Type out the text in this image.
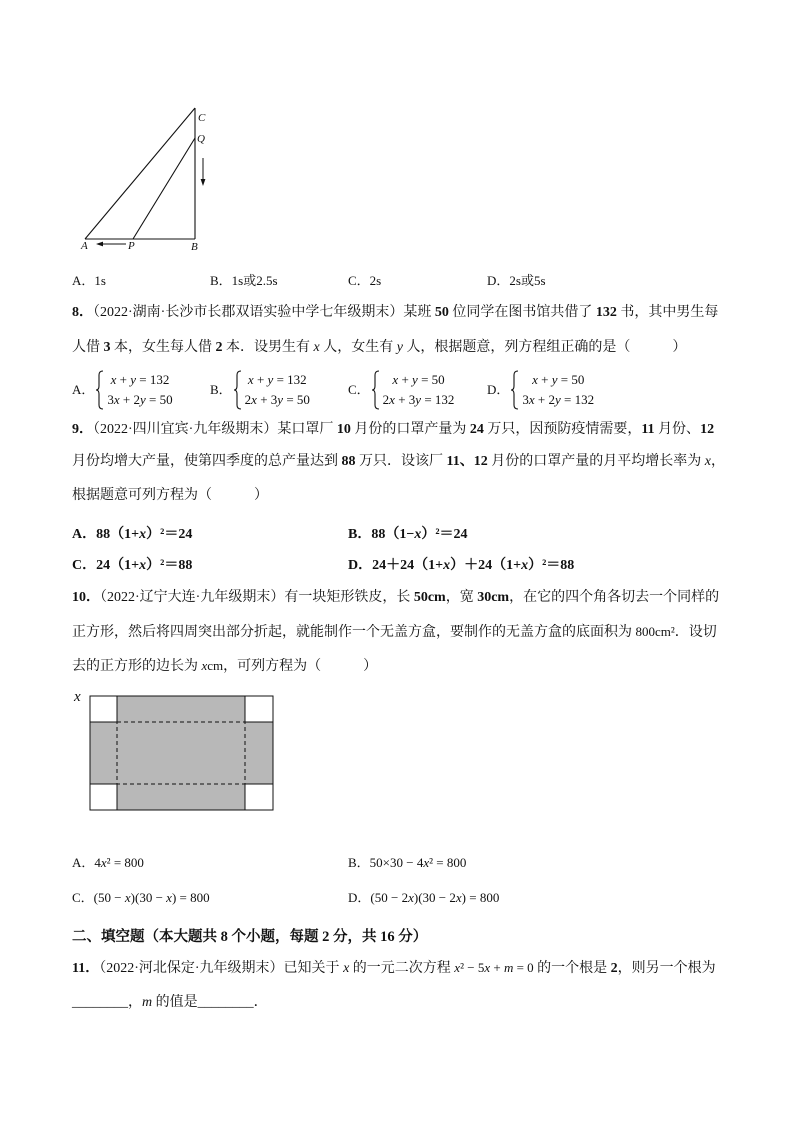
C
Q
A	P	B
A．1s	B．1s或2.5s	C．2s	D．2s或5s
8．（2022·湖南·长沙市长郡双语实验中学七年级期末）某班 50 位同学在图书馆共借了 132 书，其中男生每
人借 3 本，女生每人借 2 本．设男生有 x 人，女生有 y 人，根据题意，列方程组正确的是（　　　）
A．
x + y = 132
3x + 2y = 50
B．
x + y = 132
2x + 3y = 50
C．
x + y = 50
2x + 3y = 132
D．
x + y = 50
3x + 2y = 132
9．（2022·四川宜宾·九年级期末）某口罩厂 10 月份的口罩产量为 24 万只，因预防疫情需要，11 月份、12
月份均增大产量，使第四季度的总产量达到 88 万只．设该厂 11、12 月份的口罩产量的月平均增长率为 x，
根据题意可列方程为（　　　）
A．88（1+x）²＝24	B．88（1−x）²＝24
C．24（1+x）²＝88	D．24＋24（1+x）＋24（1+x）²＝88
10．（2022·辽宁大连·九年级期末）有一块矩形铁皮，长 50cm，宽 30cm，在它的四个角各切去一个同样的
正方形，然后将四周突出部分折起，就能制作一个无盖方盒，要制作的无盖方盒的底面积为 800cm²．设切
去的正方形的边长为 xcm，可列方程为（　　　）
x
A．4x² = 800	B．50×30 − 4x² = 800
C．(50 − x)(30 − x) = 800	D．(50 − 2x)(30 − 2x) = 800
二、填空题（本大题共 8 个小题，每题 2 分，共 16 分）
11．（2022·河北保定·九年级期末）已知关于 x 的一元二次方程 x² − 5x + m = 0 的一个根是 2，则另一个根为
________，m 的值是________．
